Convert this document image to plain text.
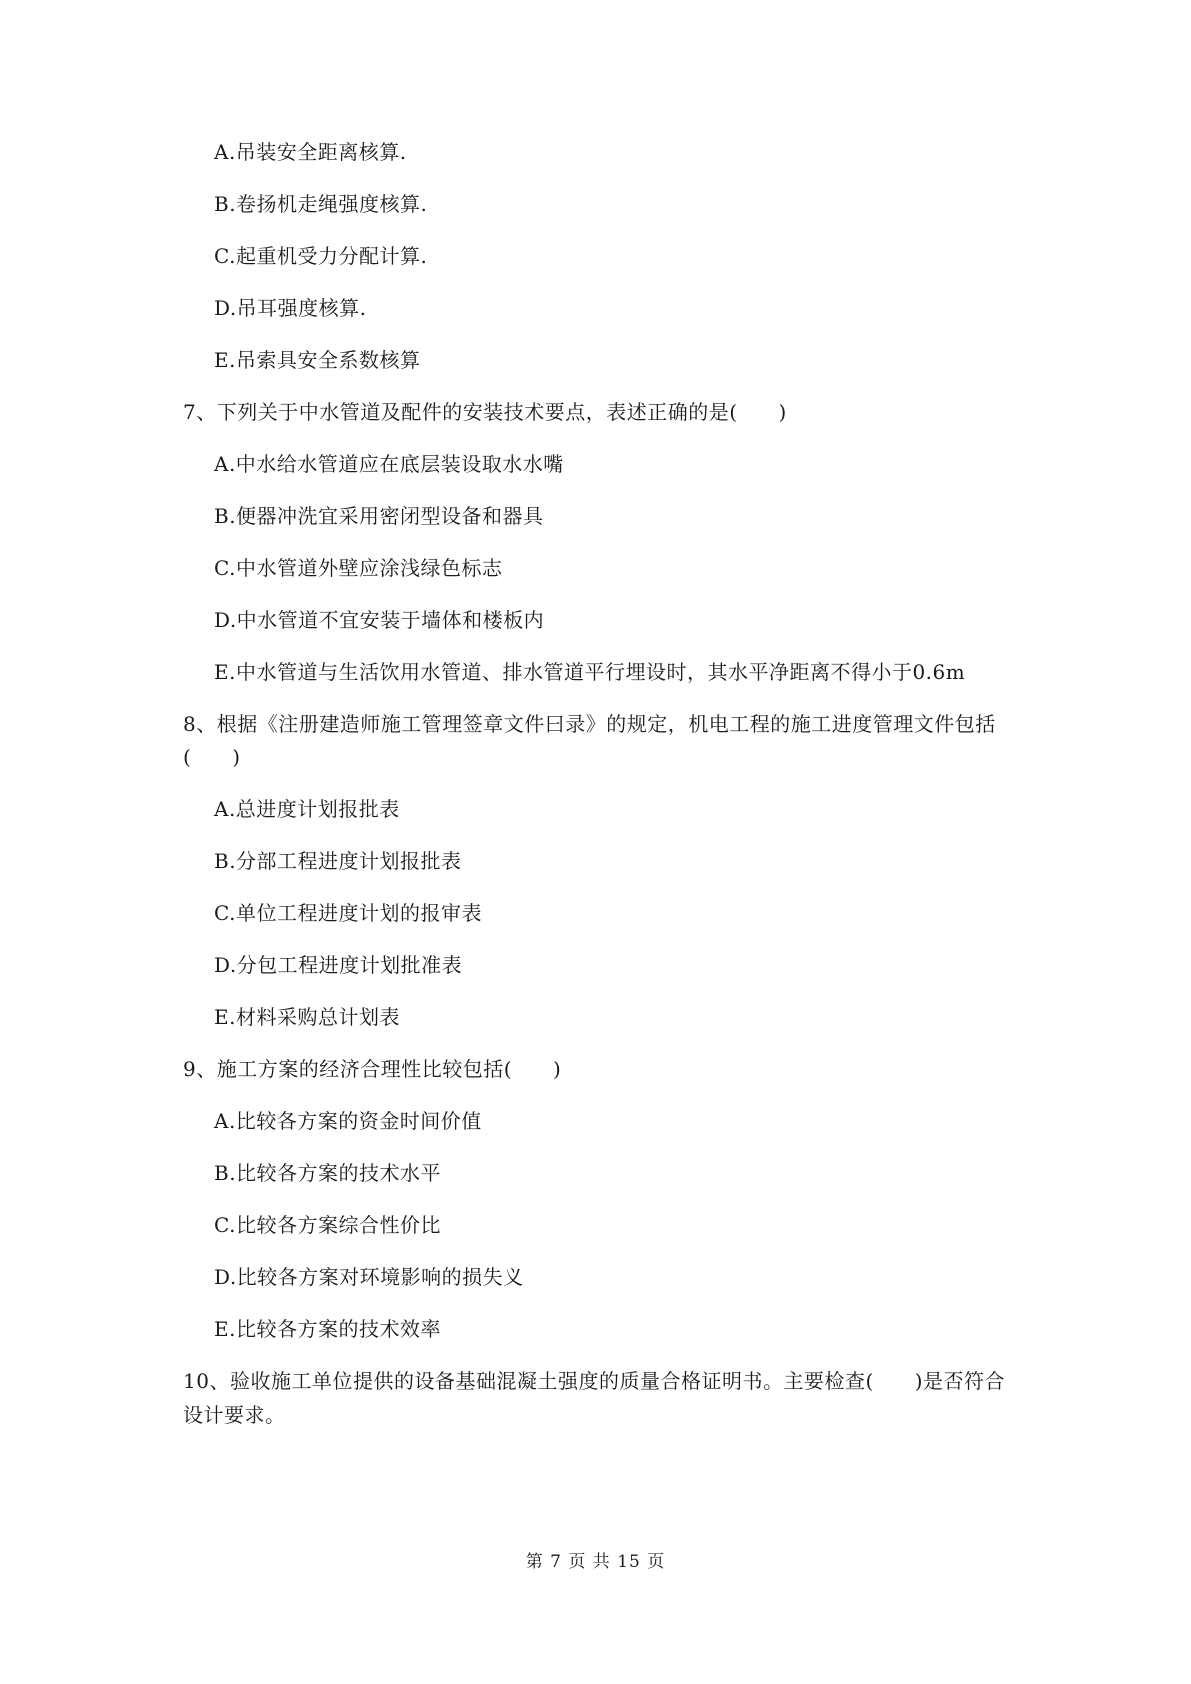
A.吊装安全距离核算.
B.卷扬机走绳强度核算.
C.起重机受力分配计算.
D.吊耳强度核算.
E.吊索具安全系数核算
7、下列关于中水管道及配件的安装技术要点，表述正确的是(　　)
A.中水给水管道应在底层装设取水水嘴
B.便器冲洗宜采用密闭型设备和器具
C.中水管道外壁应涂浅绿色标志
D.中水管道不宜安装于墙体和楼板内
E.中水管道与生活饮用水管道、排水管道平行埋设时，其水平净距离不得小于0.6m
8、根据《注册建造师施工管理签章文件曰录》的规定，机电工程的施工进度管理文件包括
(　　)
A.总进度计划报批表
B.分部工程进度计划报批表
C.单位工程进度计划的报审表
D.分包工程进度计划批准表
E.材料采购总计划表
9、施工方案的经济合理性比较包括(　　)
A.比较各方案的资金时间价值
B.比较各方案的技术水平
C.比较各方案综合性价比
D.比较各方案对环境影响的损失义
E.比较各方案的技术效率
10、验收施工单位提供的设备基础混凝土强度的质量合格证明书。主要检查(　　)是否符合
设计要求。
第 7 页 共 15 页
